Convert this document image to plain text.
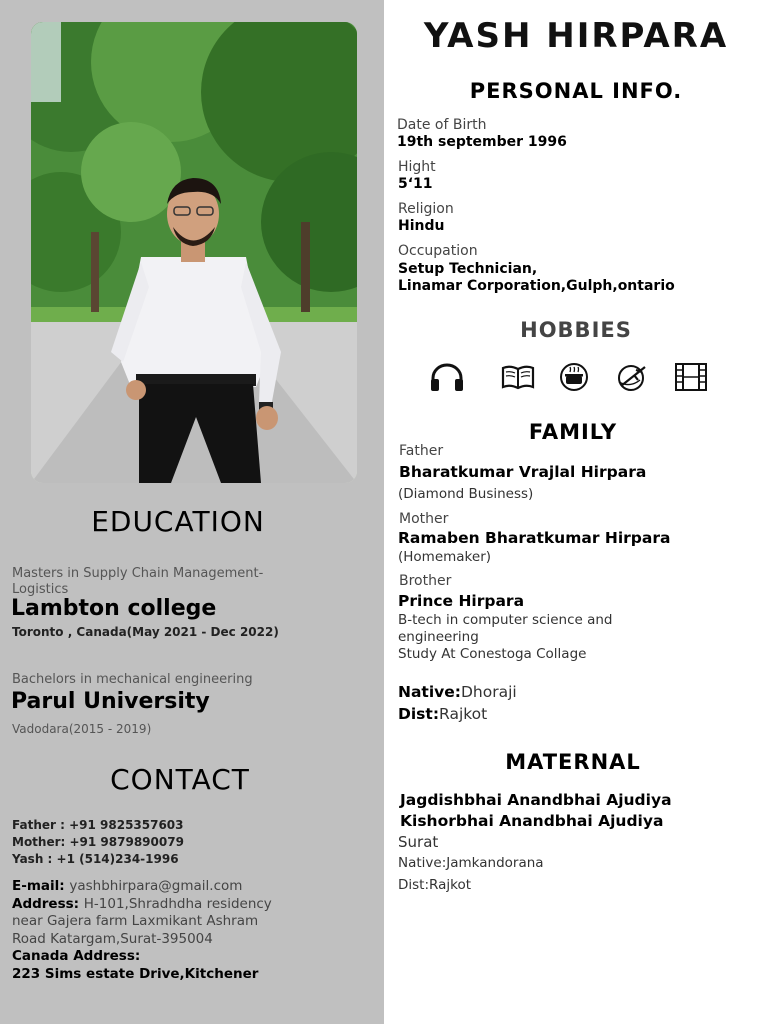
EDUCATION
Masters in Supply Chain Management-
Logistics
Lambton college
Toronto , Canada(May 2021 - Dec 2022)
Bachelors in mechanical engineering
Parul University
Vadodara(2015 - 2019)
CONTACT
Father : +91 9825357603
Mother: +91 9879890079
Yash : +1 (514)234-1996
E-mail: yashbhirpara@gmail.com
Address: H-101,Shradhdha residency
near Gajera farm Laxmikant Ashram
Road Katargam,Surat-395004
Canada Address:
223 Sims estate Drive,Kitchener
YASH HIRPARA
PERSONAL INFO.
Date of Birth
19th september 1996
Hight
5‘11
Religion
Hindu
Occupation
Setup Technician,
Linamar Corporation,Gulph,ontario
HOBBIES
FAMILY
Father
Bharatkumar Vrajlal Hirpara
(Diamond Business)
Mother
Ramaben Bharatkumar Hirpara
(Homemaker)
Brother
Prince Hirpara
B-tech in computer science and
engineering
Study At Conestoga Collage
Native:Dhoraji
Dist:Rajkot
MATERNAL
Jagdishbhai Anandbhai Ajudiya
Kishorbhai Anandbhai Ajudiya
Surat
Native:Jamkandorana
Dist:Rajkot
